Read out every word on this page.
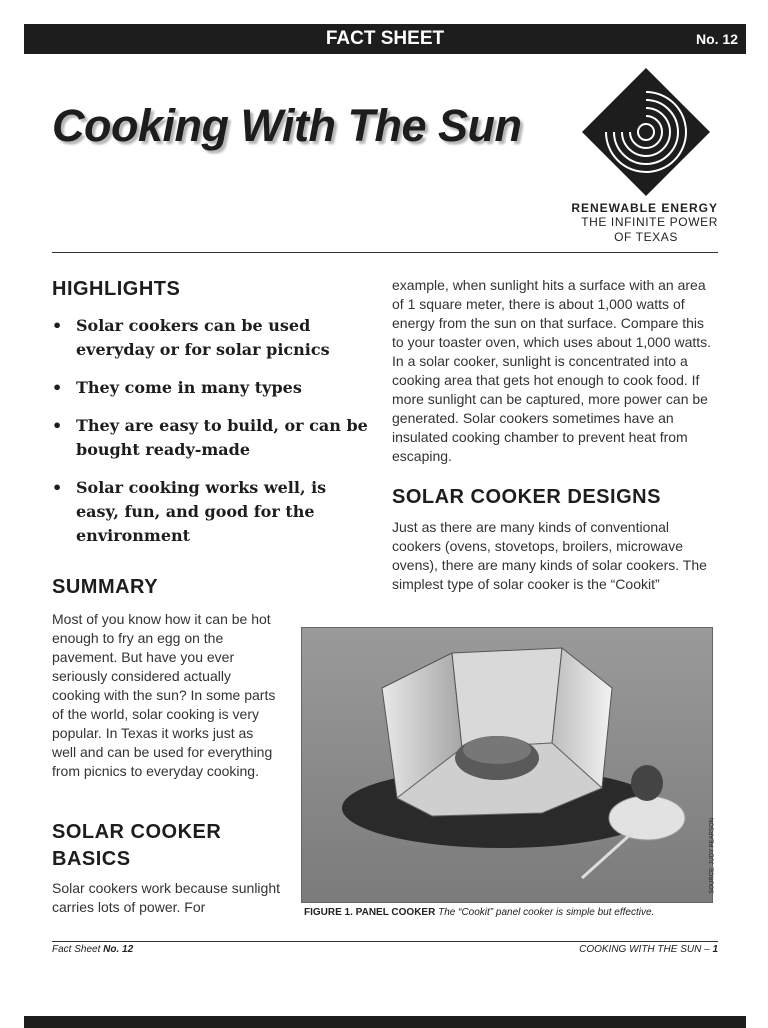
FACT SHEET	No. 12
Cooking With The Sun
RENEWABLE ENERGY
THE INFINITE POWER
OF TEXAS
HIGHLIGHTS
• Solar cookers can be used everyday or for solar picnics
• They come in many types
• They are easy to build, or can be bought ready-made
• Solar cooking works well, is easy, fun, and good for the environment
SUMMARY

Most of you know how it can be hot enough to fry an egg on the pavement. But have you ever seriously considered actually cooking with the sun? In some parts of the world, solar cooking is very popular. In Texas it works just as well and can be used for everything from picnics to everyday cooking.

SOLAR COOKER BASICS

Solar cookers work because sunlight carries lots of power. For

example, when sunlight hits a surface with an area of 1 square meter, there is about 1,000 watts of energy from the sun on that surface. Compare this to your toaster oven, which uses about 1,000 watts. In a solar cooker, sunlight is concentrated into a cooking area that gets hot enough to cook food. If more sunlight can be captured, more power can be generated. Solar cookers sometimes have an insulated cooking chamber to prevent heat from escaping.

SOLAR COOKER DESIGNS

Just as there are many kinds of conventional cookers (ovens, stovetops, broilers, microwave ovens), there are many kinds of solar cookers. The simplest type of solar cooker is the “Cookit”

SOURCE: JUDY PEARSON
FIGURE 1. PANEL COOKER The “Cookit” panel cooker is simple but effective.
Fact Sheet No. 12	COOKING WITH THE SUN – 1
